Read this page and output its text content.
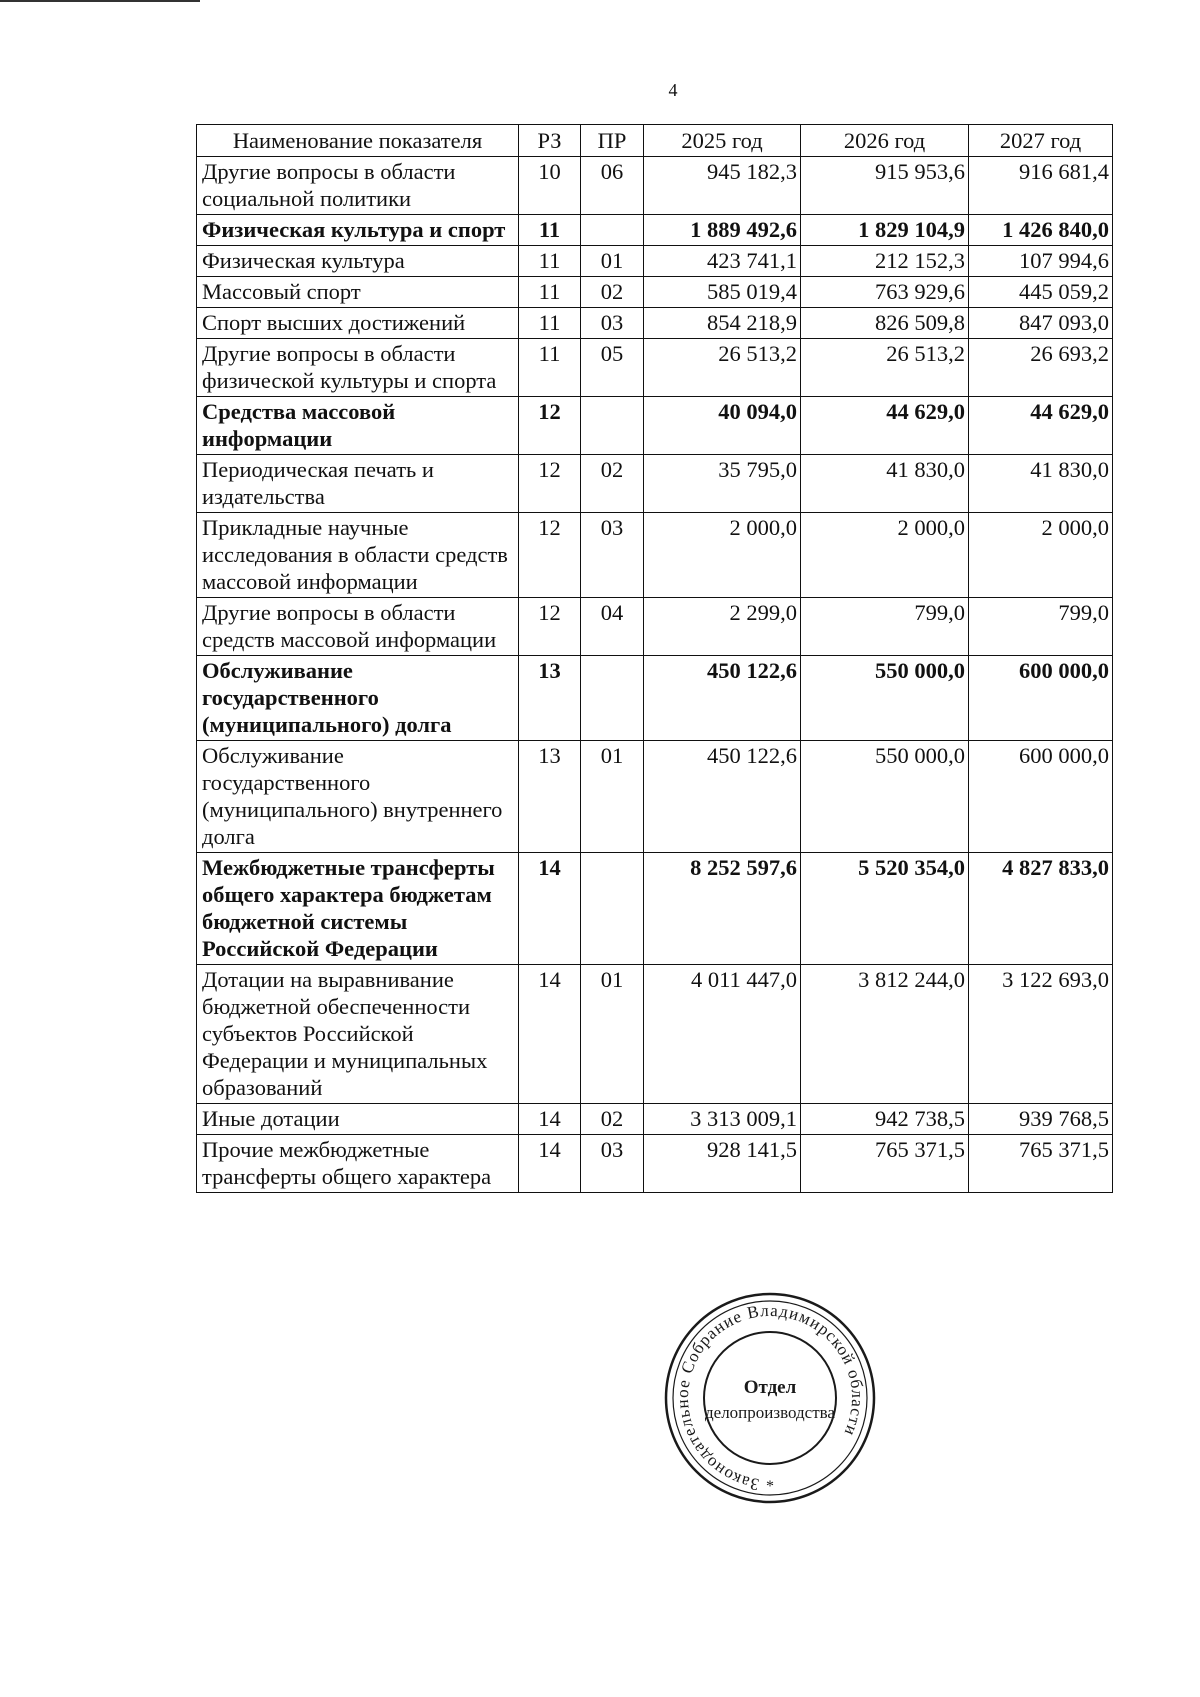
4
Наименование показателя	РЗ	ПР	2025 год	2026 год	2027 год
Другие вопросы в области социальной политики	10	06	945 182,3	915 953,6	916 681,4
Физическая культура и спорт	11		1 889 492,6	1 829 104,9	1 426 840,0
Физическая культура	11	01	423 741,1	212 152,3	107 994,6
Массовый спорт	11	02	585 019,4	763 929,6	445 059,2
Спорт высших достижений	11	03	854 218,9	826 509,8	847 093,0
Другие вопросы в области физической культуры и спорта	11	05	26 513,2	26 513,2	26 693,2
Средства массовой информации	12		40 094,0	44 629,0	44 629,0
Периодическая печать и издательства	12	02	35 795,0	41 830,0	41 830,0
Прикладные научные исследования в области средств массовой информации	12	03	2 000,0	2 000,0	2 000,0
Другие вопросы в области средств массовой информации	12	04	2 299,0	799,0	799,0
Обслуживание государственного (муниципального) долга	13		450 122,6	550 000,0	600 000,0
Обслуживание государственного (муниципального) внутреннего долга	13	01	450 122,6	550 000,0	600 000,0
Межбюджетные трансферты общего характера бюджетам бюджетной системы Российской Федерации	14		8 252 597,6	5 520 354,0	4 827 833,0
Дотации на выравнивание бюджетной обеспеченности субъектов Российской Федерации и муниципальных образований	14	01	4 011 447,0	3 812 244,0	3 122 693,0
Иные дотации	14	02	3 313 009,1	942 738,5	939 768,5
Прочие межбюджетные трансферты общего характера	14	03	928 141,5	765 371,5	765 371,5
Законодательное Собрание Владимирской области
Отдел
делопроизводства
*
